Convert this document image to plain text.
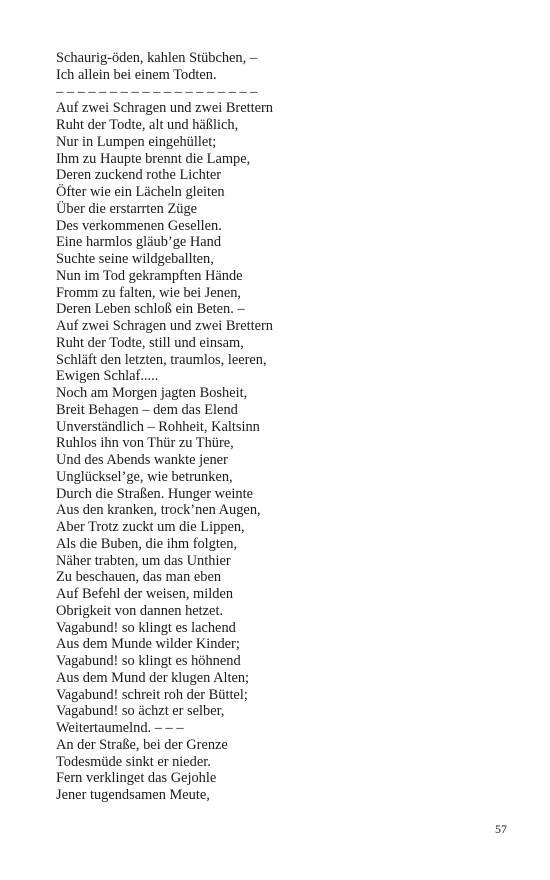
Schaurig-öden, kahlen Stübchen, –
Ich allein bei einem Todten.
– – – – – – – – – – – – – – – – – – –
Auf zwei Schragen und zwei Brettern
Ruht der Todte, alt und häßlich,
Nur in Lumpen eingehüllet;
Ihm zu Haupte brennt die Lampe,
Deren zuckend rothe Lichter
Öfter wie ein Lächeln gleiten
Über die erstarrten Züge
Des verkommenen Gesellen.
Eine harmlos gläub’ge Hand
Suchte seine wildgeballten,
Nun im Tod gekrampften Hände
Fromm zu falten, wie bei Jenen,
Deren Leben schloß ein Beten. –
Auf zwei Schragen und zwei Brettern
Ruht der Todte, still und einsam,
Schläft den letzten, traumlos, leeren,
Ewigen Schlaf.....
Noch am Morgen jagten Bosheit,
Breit Behagen – dem das Elend
Unverständlich – Rohheit, Kaltsinn
Ruhlos ihn von Thür zu Thüre,
Und des Abends wankte jener
Unglücksel’ge, wie betrunken,
Durch die Straßen. Hunger weinte
Aus den kranken, trock’nen Augen,
Aber Trotz zuckt um die Lippen,
Als die Buben, die ihm folgten,
Näher trabten, um das Unthier
Zu beschauen, das man eben
Auf Befehl der weisen, milden
Obrigkeit von dannen hetzet.
Vagabund! so klingt es lachend
Aus dem Munde wilder Kinder;
Vagabund! so klingt es höhnend
Aus dem Mund der klugen Alten;
Vagabund! schreit roh der Büttel;
Vagabund! so ächzt er selber,
Weitertaumelnd. – – –
An der Straße, bei der Grenze
Todesmüde sinkt er nieder.
Fern verklinget das Gejohle
Jener tugendsamen Meute,
57
